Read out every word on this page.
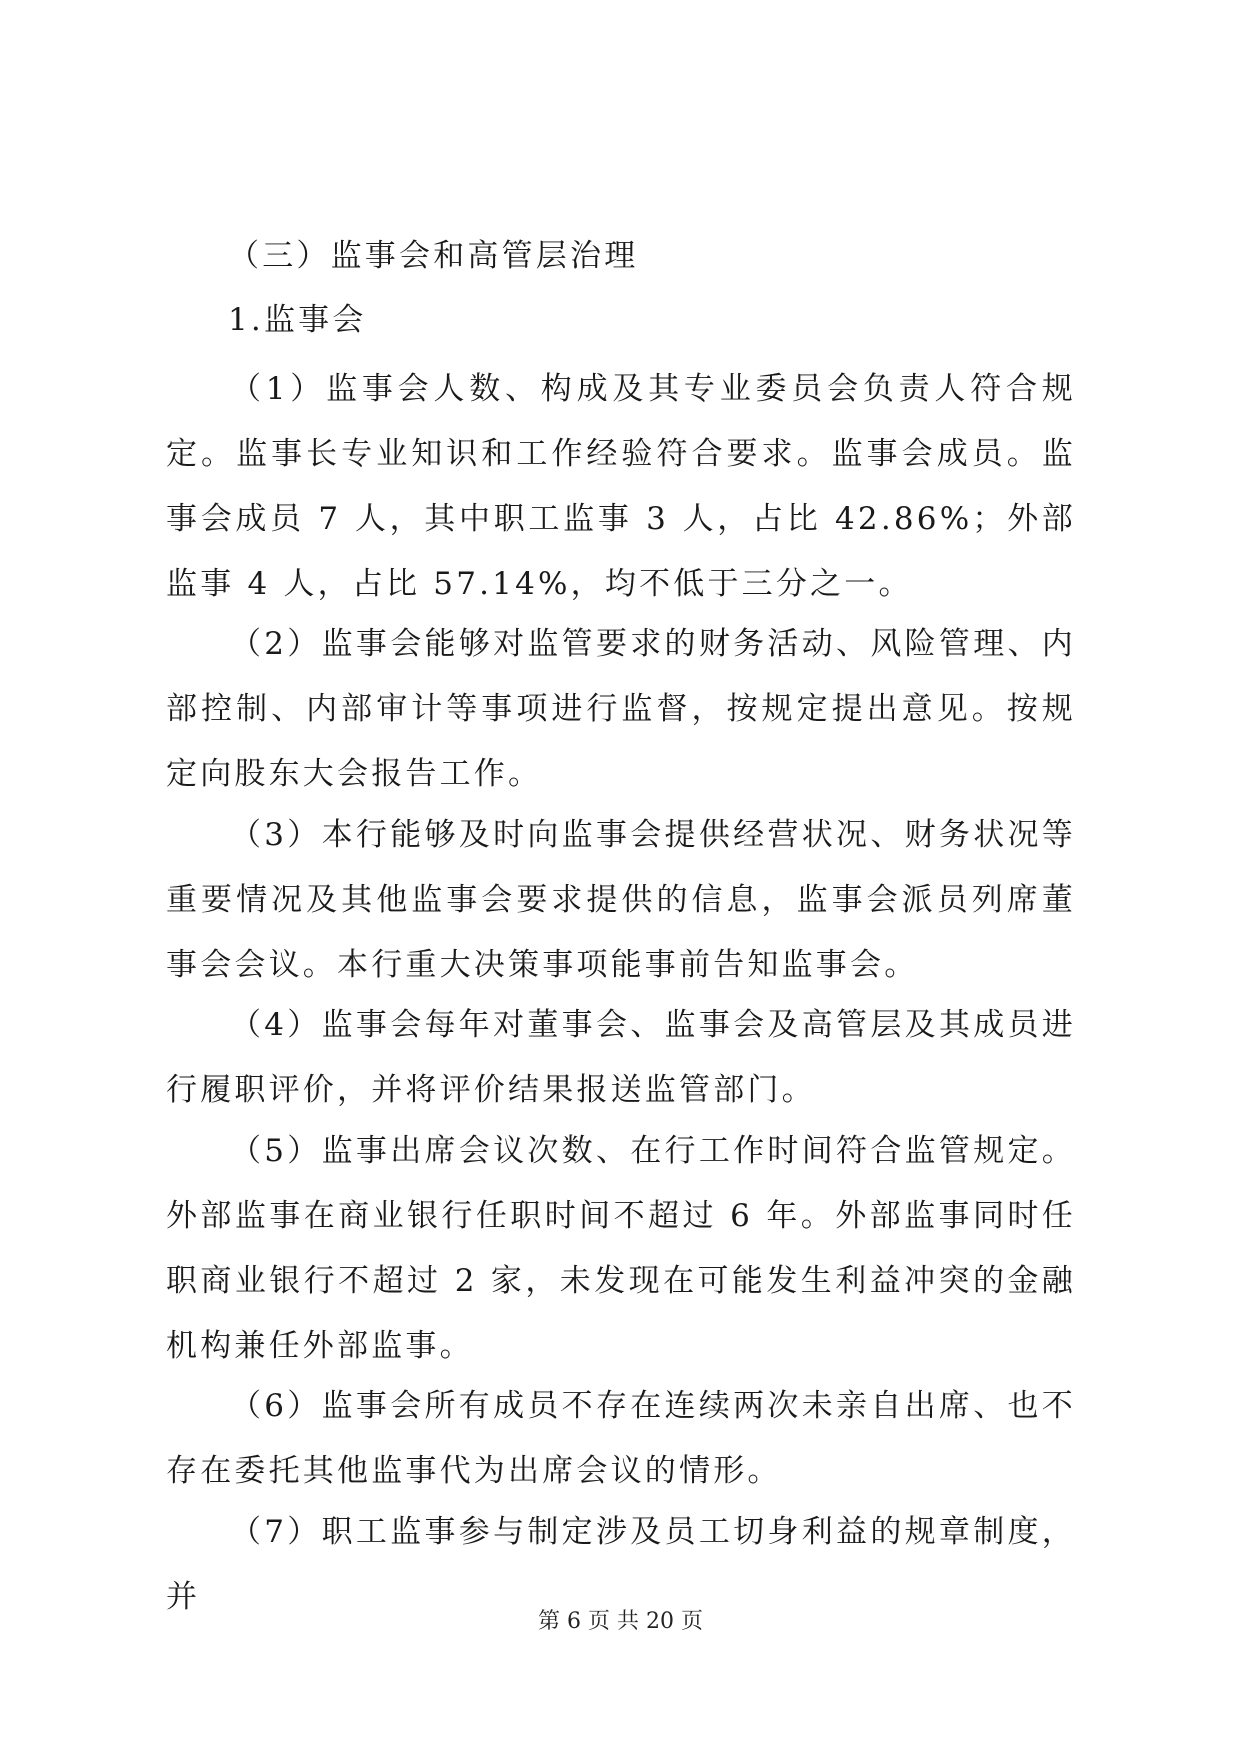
（三）监事会和高管层治理
1.监事会
（1）监事会人数、构成及其专业委员会负责人符合规定。监事长专业知识和工作经验符合要求。监事会成员。监事会成员 7 人，其中职工监事 3 人，占比 42.86%；外部监事 4 人，占比 57.14%，均不低于三分之一。
（2）监事会能够对监管要求的财务活动、风险管理、内部控制、内部审计等事项进行监督，按规定提出意见。按规定向股东大会报告工作。
（3）本行能够及时向监事会提供经营状况、财务状况等重要情况及其他监事会要求提供的信息，监事会派员列席董事会会议。本行重大决策事项能事前告知监事会。
（4）监事会每年对董事会、监事会及高管层及其成员进行履职评价，并将评价结果报送监管部门。
（5）监事出席会议次数、在行工作时间符合监管规定。外部监事在商业银行任职时间不超过 6 年。外部监事同时任职商业银行不超过 2 家，未发现在可能发生利益冲突的金融机构兼任外部监事。
（6）监事会所有成员不存在连续两次未亲自出席、也不存在委托其他监事代为出席会议的情形。
（7）职工监事参与制定涉及员工切身利益的规章制度，并
第 6 页 共 20 页
